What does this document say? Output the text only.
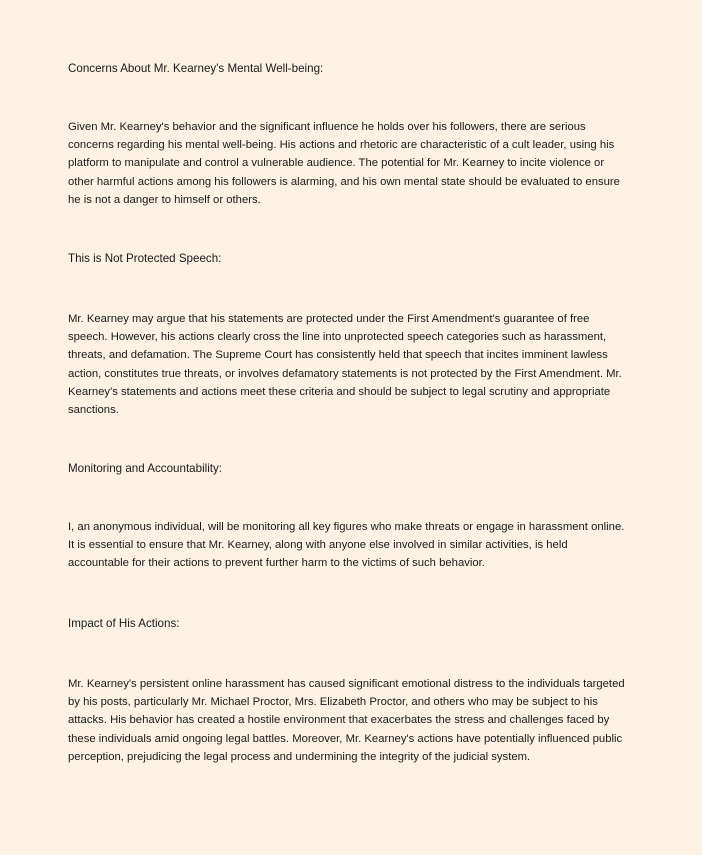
Concerns About Mr. Kearney's Mental Well-being:

Given Mr. Kearney's behavior and the significant influence he holds over his followers, there are serious concerns regarding his mental well-being. His actions and rhetoric are characteristic of a cult leader, using his platform to manipulate and control a vulnerable audience. The potential for Mr. Kearney to incite violence or other harmful actions among his followers is alarming, and his own mental state should be evaluated to ensure he is not a danger to himself or others.

This is Not Protected Speech:

Mr. Kearney may argue that his statements are protected under the First Amendment's guarantee of free speech. However, his actions clearly cross the line into unprotected speech categories such as harassment, threats, and defamation. The Supreme Court has consistently held that speech that incites imminent lawless action, constitutes true threats, or involves defamatory statements is not protected by the First Amendment. Mr. Kearney's statements and actions meet these criteria and should be subject to legal scrutiny and appropriate sanctions.

Monitoring and Accountability:

I, an anonymous individual, will be monitoring all key figures who make threats or engage in harassment online. It is essential to ensure that Mr. Kearney, along with anyone else involved in similar activities, is held accountable for their actions to prevent further harm to the victims of such behavior.

Impact of His Actions:

Mr. Kearney's persistent online harassment has caused significant emotional distress to the individuals targeted by his posts, particularly Mr. Michael Proctor, Mrs. Elizabeth Proctor, and others who may be subject to his attacks. His behavior has created a hostile environment that exacerbates the stress and challenges faced by these individuals amid ongoing legal battles. Moreover, Mr. Kearney's actions have potentially influenced public perception, prejudicing the legal process and undermining the integrity of the judicial system.
